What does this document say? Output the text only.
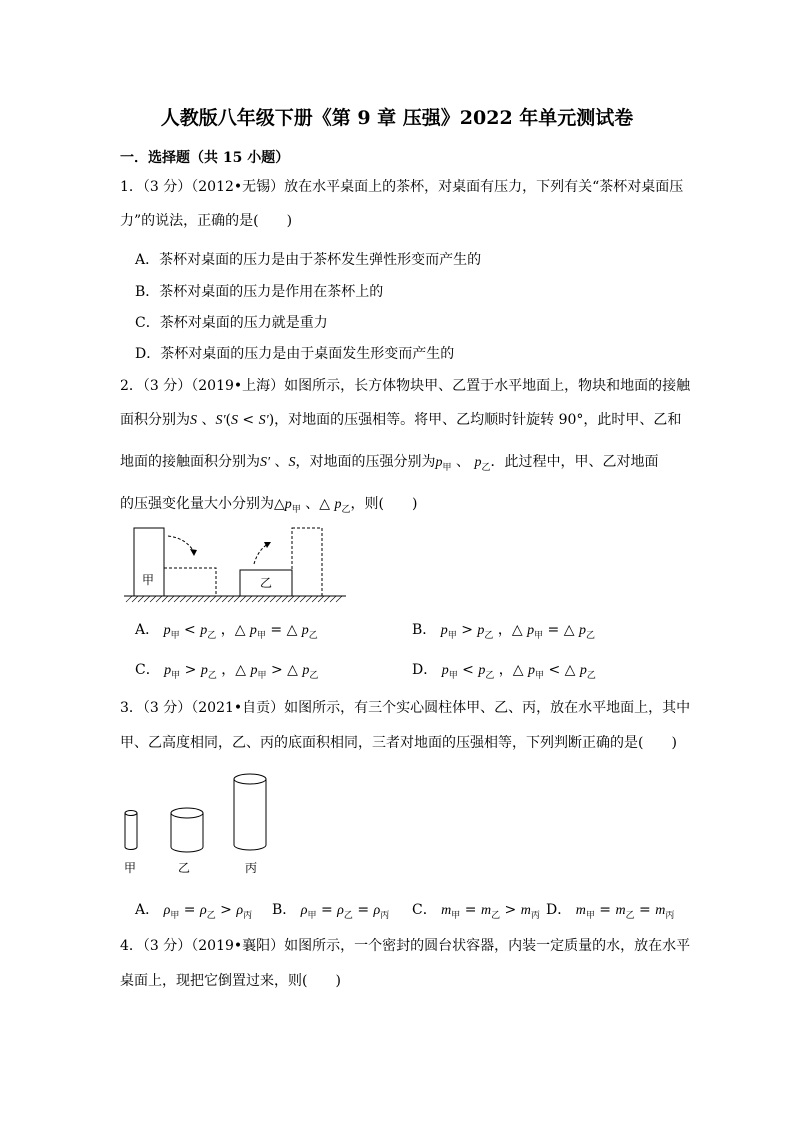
人教版八年级下册《第 9 章 压强》2022 年单元测试卷
一．选择题（共 15 小题）
1．（3 分）（2012•无锡）放在水平桌面上的茶杯，对桌面有压力，下列有关“茶杯对桌面压
力”的说法，正确的是(　　)
A．茶杯对桌面的压力是由于茶杯发生弹性形变而产生的
B．茶杯对桌面的压力是作用在茶杯上的
C．茶杯对桌面的压力就是重力
D．茶杯对桌面的压力是由于桌面发生形变而产生的
2．（3 分）（2019•上海）如图所示，长方体物块甲、乙置于水平地面上，物块和地面的接触
面积分别为S 、S′(S < S′)，对地面的压强相等。将甲、乙均顺时针旋转 90°，此时甲、乙和
地面的接触面积分别为S′ 、S，对地面的压强分别为$p_甲$ 、 $p_乙$．此过程中，甲、乙对地面
的压强变化量大小分别为$\triangle p_甲$ 、△ $p_乙$，则(　　)
甲	乙
A． $p_甲 < p_乙$ ，△ $p_甲$ = △ $p_乙$	B． $p_甲 > p_乙$ ，△ $p_甲$ = △ $p_乙$
C． $p_甲 > p_乙$ ，△ $p_甲$ > △ $p_乙$	D． $p_甲 < p_乙$ ，△ $p_甲$ < △ $p_乙$
3．（3 分）（2021•自贡）如图所示，有三个实心圆柱体甲、乙、丙，放在水平地面上，其中
甲、乙高度相同，乙、丙的底面积相同，三者对地面的压强相等，下列判断正确的是(　　)
甲	乙	丙
A． $\rho_甲 = \rho_乙 > \rho_丙$ B． $\rho_甲 = \rho_乙 = \rho_丙$ C． $m_甲 = m_乙 > m_丙$ D． $m_甲 = m_乙 = m_丙$
4．（3 分）（2019•襄阳）如图所示，一个密封的圆台状容器，内装一定质量的水，放在水平
桌面上，现把它倒置过来，则(　　)
